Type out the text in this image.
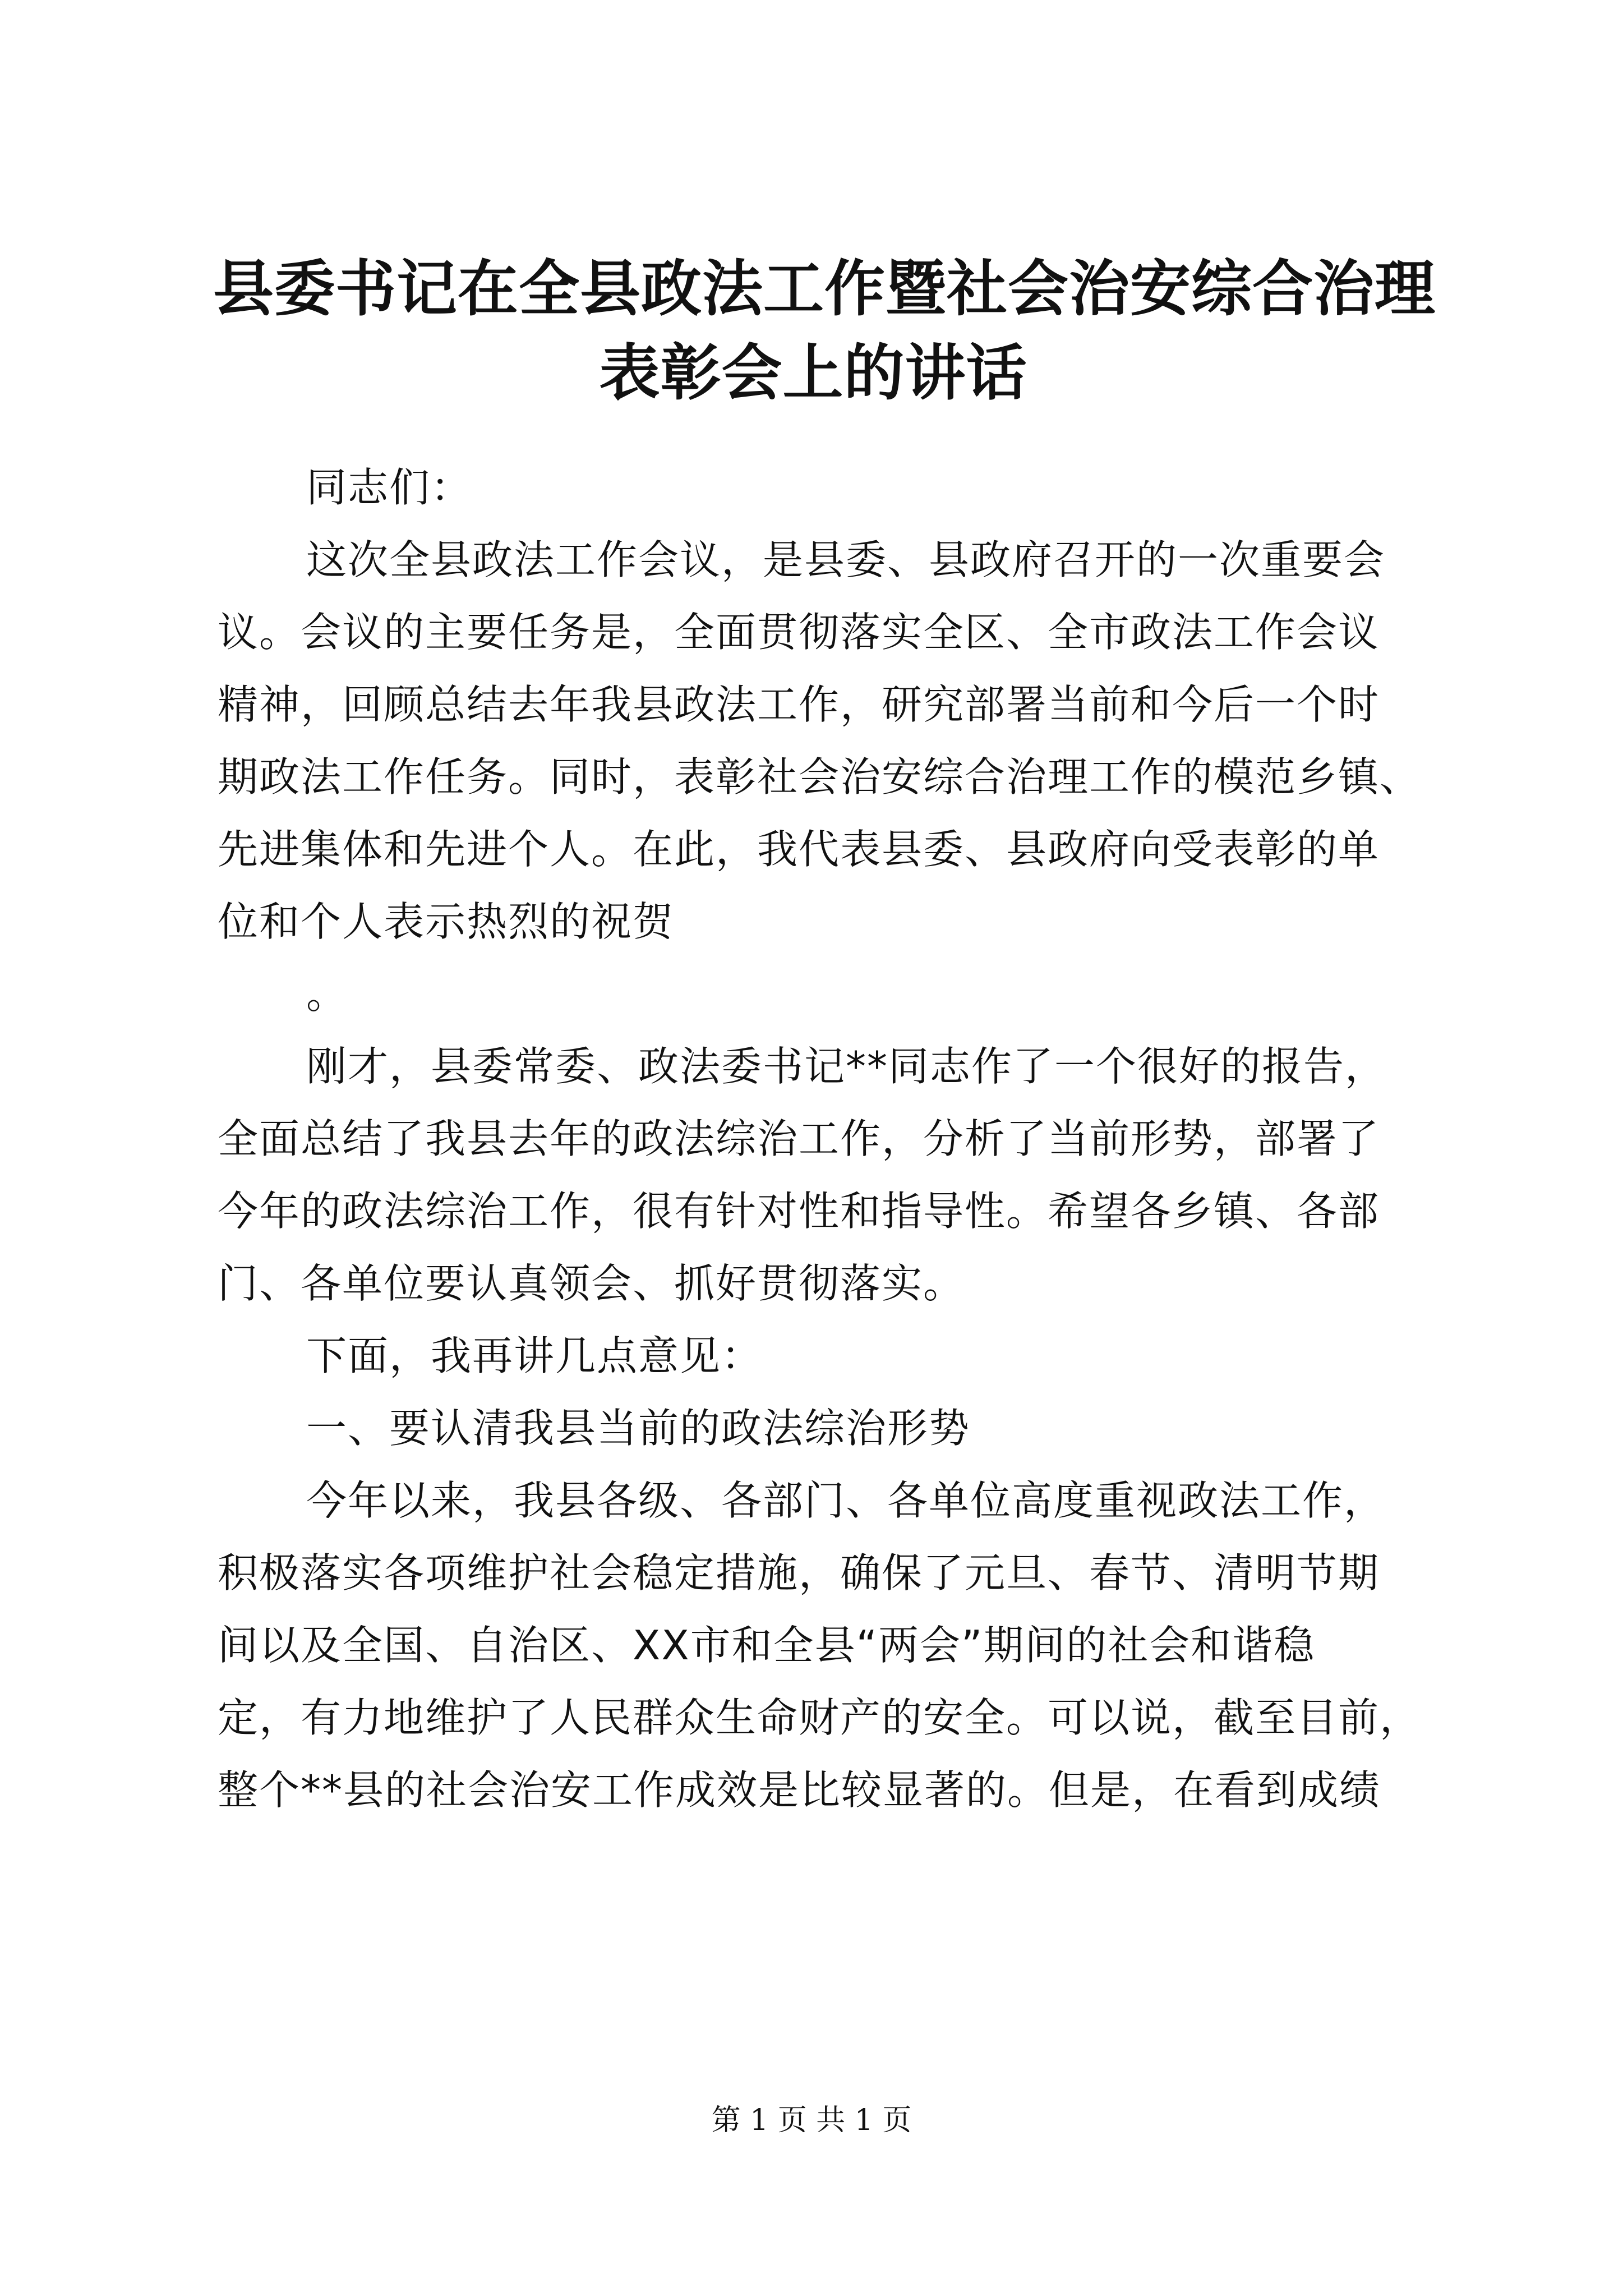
县委书记在全县政法工作暨社会治安综合治理
表彰会上的讲话

同志们：

这次全县政法工作会议，是县委、县政府召开的一次重要会
议。会议的主要任务是，全面贯彻落实全区、全市政法工作会议
精神，回顾总结去年我县政法工作，研究部署当前和今后一个时
期政法工作任务。同时，表彰社会治安综合治理工作的模范乡镇、
先进集体和先进个人。在此，我代表县委、县政府向受表彰的单
位和个人表示热烈的祝贺

。

刚才，县委常委、政法委书记**同志作了一个很好的报告，
全面总结了我县去年的政法综治工作，分析了当前形势，部署了
今年的政法综治工作，很有针对性和指导性。希望各乡镇、各部
门、各单位要认真领会、抓好贯彻落实。

下面，我再讲几点意见：

一、要认清我县当前的政法综治形势

今年以来，我县各级、各部门、各单位高度重视政法工作，
积极落实各项维护社会稳定措施，确保了元旦、春节、清明节期
间以及全国、自治区、XX市和全县“两会”期间的社会和谐稳
定，有力地维护了人民群众生命财产的安全。可以说，截至目前，
整个**县的社会治安工作成效是比较显著的。但是，在看到成绩

第 1 页 共 1 页
